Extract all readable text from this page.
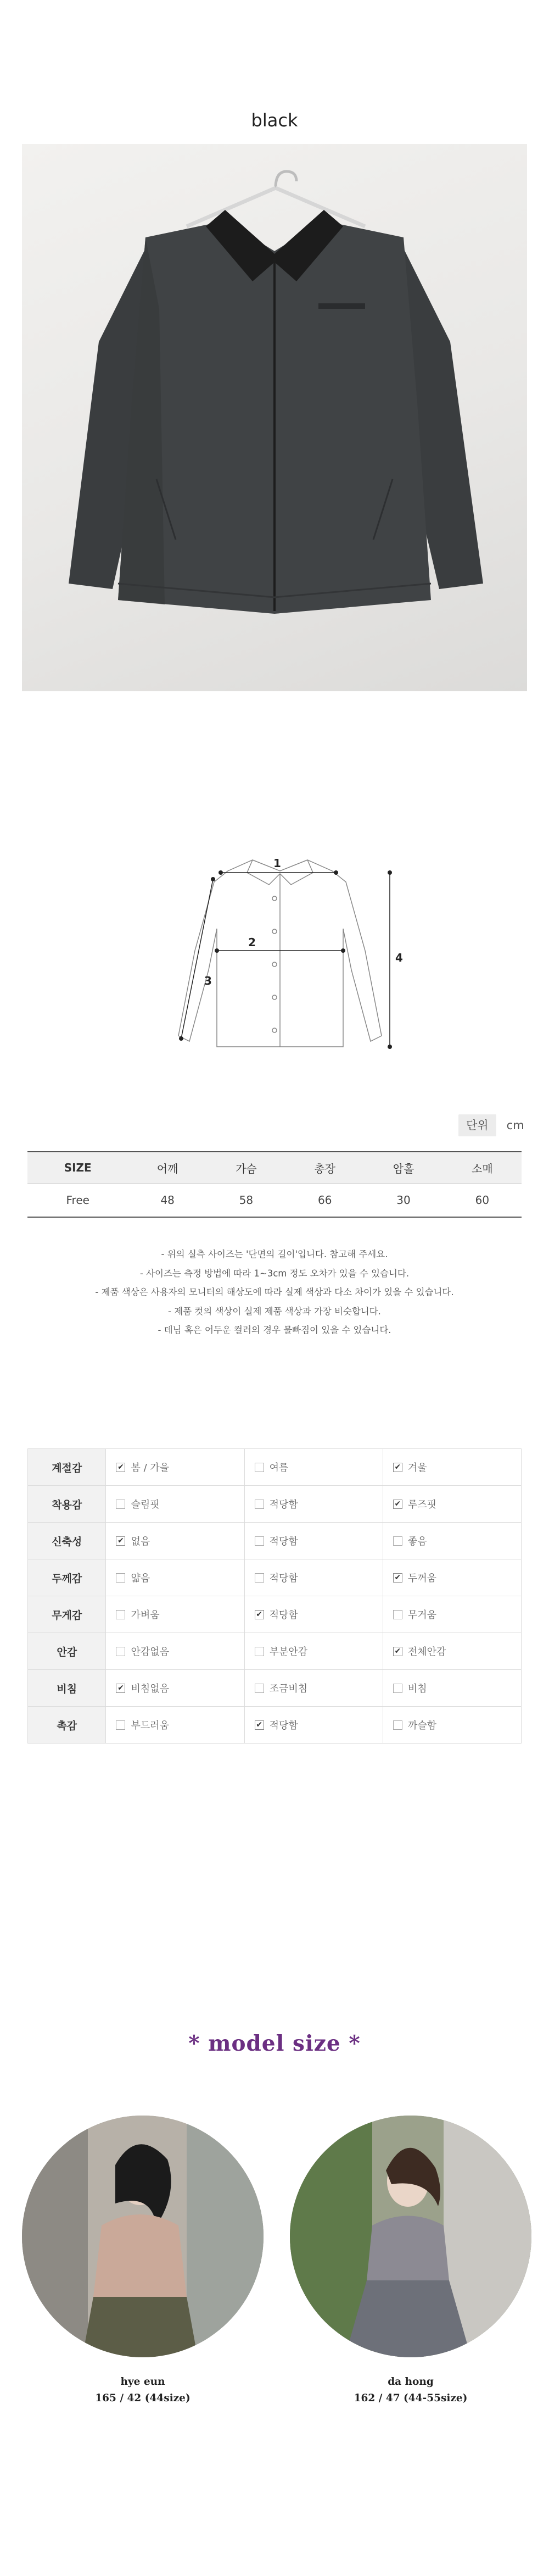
black
1
2
3
4
단위 cm
SIZE	어깨	가슴	총장	암홀	소매
Free	48	58	66	30	60
- 위의 실측 사이즈는 '단면의 길이'입니다. 참고해 주세요.
- 사이즈는 측정 방법에 따라 1~3cm 정도 오차가 있을 수 있습니다.
- 제품 색상은 사용자의 모니터의 해상도에 따라 실제 색상과 다소 차이가 있을 수 있습니다.
- 제품 컷의 색상이 실제 제품 색상과 가장 비슷합니다.
- 데님 혹은 어두운 컬러의 경우 물빠짐이 있을 수 있습니다.
계절감	✔ 봄 / 가을	여름	✔ 겨울
착용감	슬림핏	적당함	✔ 루즈핏
신축성	✔ 없음	적당함	좋음
두께감	얇음	적당함	✔ 두꺼움
무게감	가벼움	✔ 적당함	무거움
안감	안감없음	부분안감	✔ 전체안감
비침	✔ 비침없음	조금비침	비침
촉감	부드러움	✔ 적당함	까슬함
* model size *
hye eun
165 / 42 (44size)
da hong
162 / 47 (44-55size)
